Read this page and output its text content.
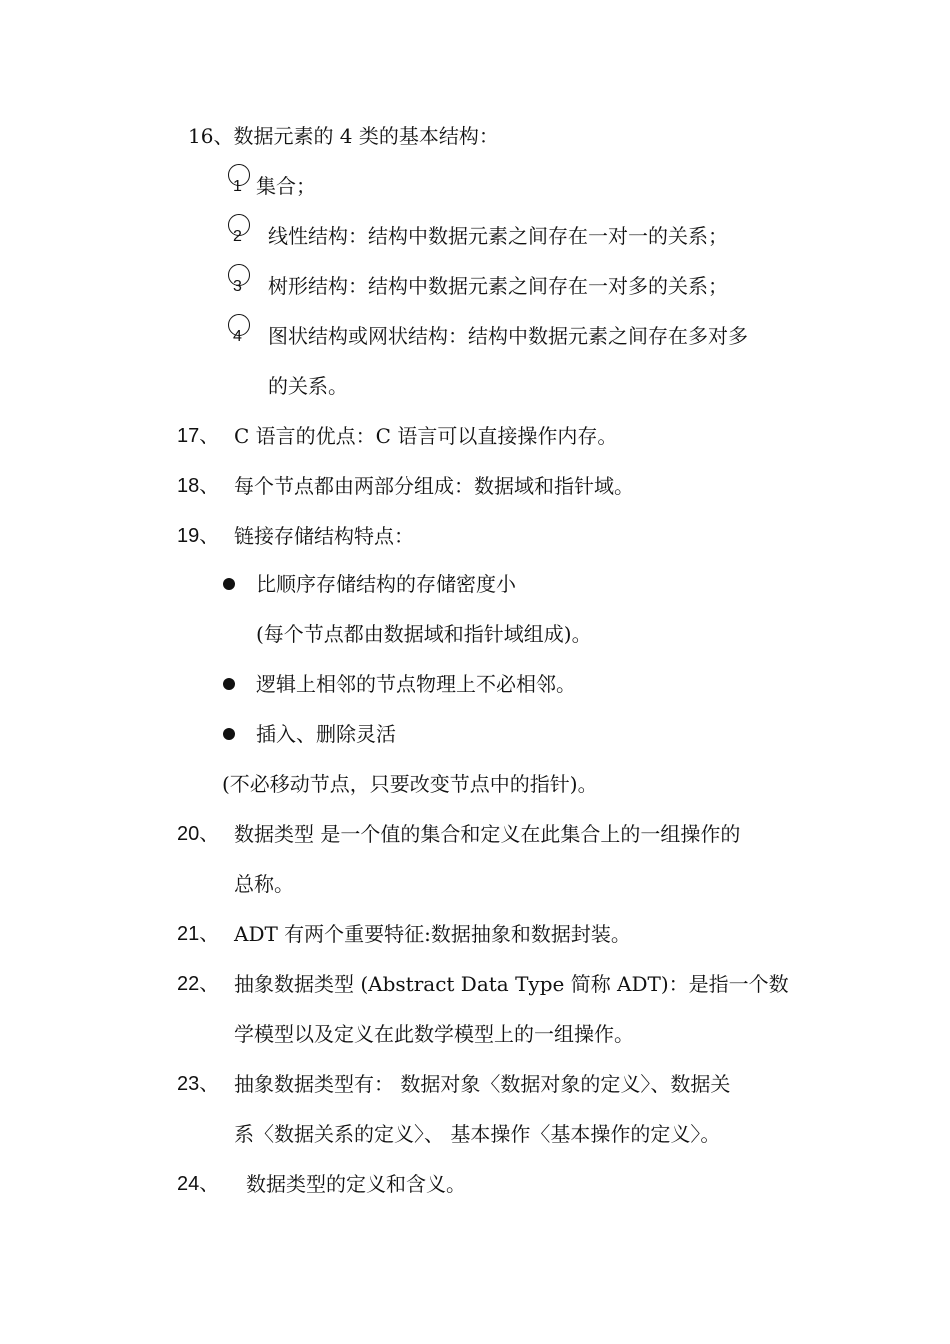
16、数据元素的 4 类的基本结构：
1 集合；
2 线性结构：结构中数据元素之间存在一对一的关系；
3 树形结构：结构中数据元素之间存在一对多的关系；
4 图状结构或网状结构：结构中数据元素之间存在多对多
的关系。
17、 C 语言的优点：C 语言可以直接操作内存。
18、 每个节点都由两部分组成：数据域和指针域。
19、 链接存储结构特点：
比顺序存储结构的存储密度小
(每个节点都由数据域和指针域组成)。
逻辑上相邻的节点物理上不必相邻。
插入、删除灵活
(不必移动节点，只要改变节点中的指针)。
20、 数据类型 是一个值的集合和定义在此集合上的一组操作的
总称。
21、 ADT 有两个重要特征:数据抽象和数据封装。
22、 抽象数据类型 (Abstract Data Type 简称 ADT)：是指一个数
学模型以及定义在此数学模型上的一组操作。
23、 抽象数据类型有： 数据对象〈数据对象的定义〉、数据关
系〈数据关系的定义〉、 基本操作〈基本操作的定义〉。
24、 数据类型的定义和含义。
